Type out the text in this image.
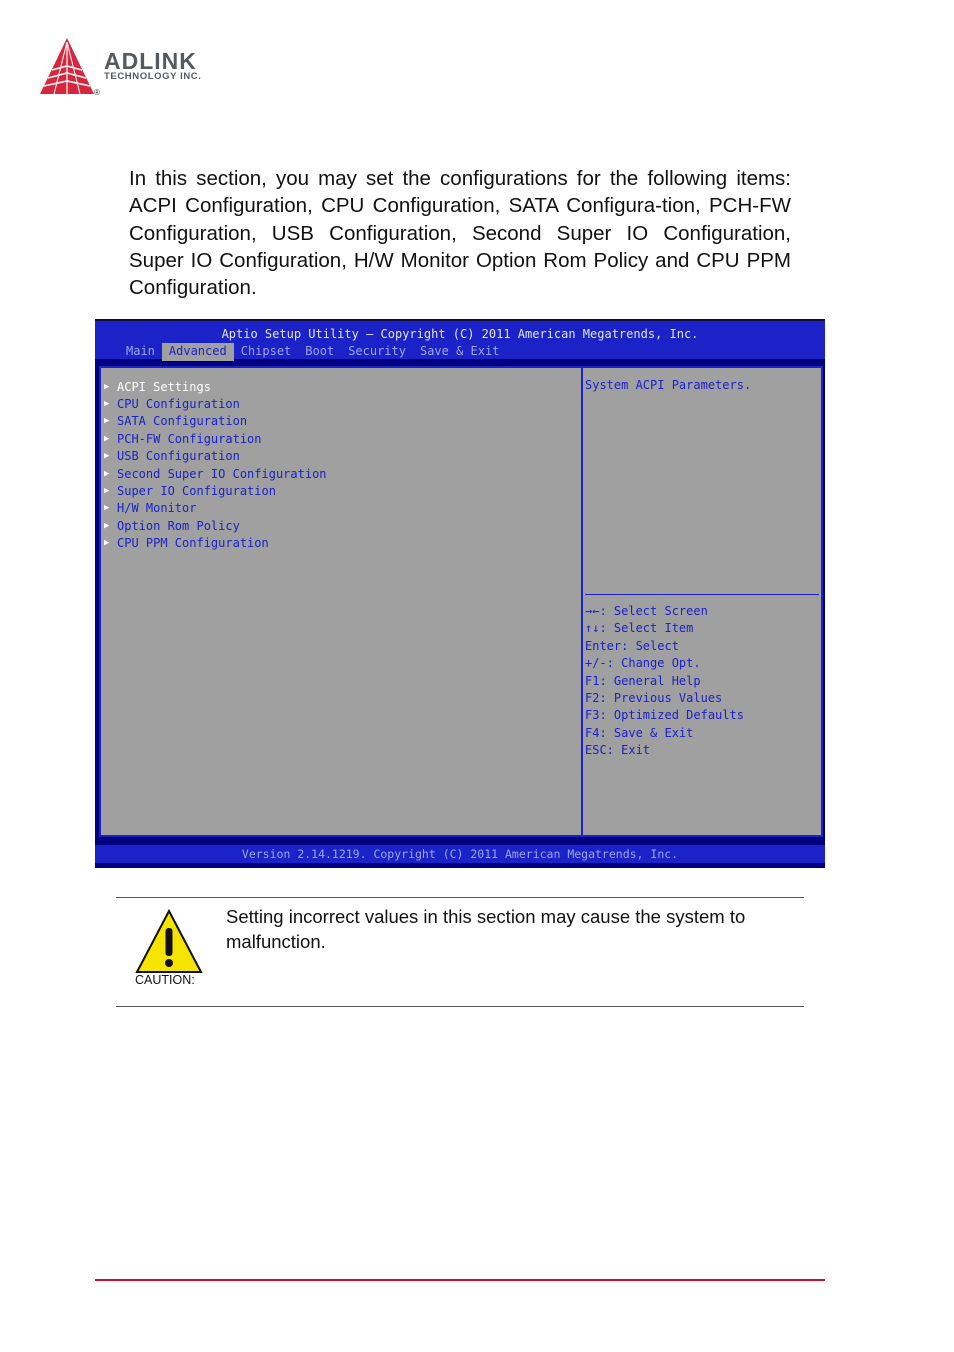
ADLINK
TECHNOLOGY INC.
®

In this section, you may set the configurations for the following items: ACPI Configuration, CPU Configuration, SATA Configura-tion, PCH-FW Configuration, USB Configuration, Second Super IO Configuration, Super IO Configuration, H/W Monitor Option Rom Policy and CPU PPM Configuration.

Aptio Setup Utility – Copyright (C) 2011 American Megatrends, Inc.
Main	Advanced	Chipset	Boot	Security	Save & Exit
▶ ACPI Settings
▶ CPU Configuration
▶ SATA Configuration
▶ PCH-FW Configuration
▶ USB Configuration
▶ Second Super IO Configuration
▶ Super IO Configuration
▶ H/W Monitor
▶ Option Rom Policy
▶ CPU PPM Configuration
System ACPI Parameters.
→←: Select Screen
↑↓: Select Item
Enter: Select
+/-: Change Opt.
F1: General Help
F2: Previous Values
F3: Optimized Defaults
F4: Save & Exit
ESC: Exit
Version 2.14.1219. Copyright (C) 2011 American Megatrends, Inc.
CAUTION:

Setting incorrect values in this section may cause the system to malfunction.
